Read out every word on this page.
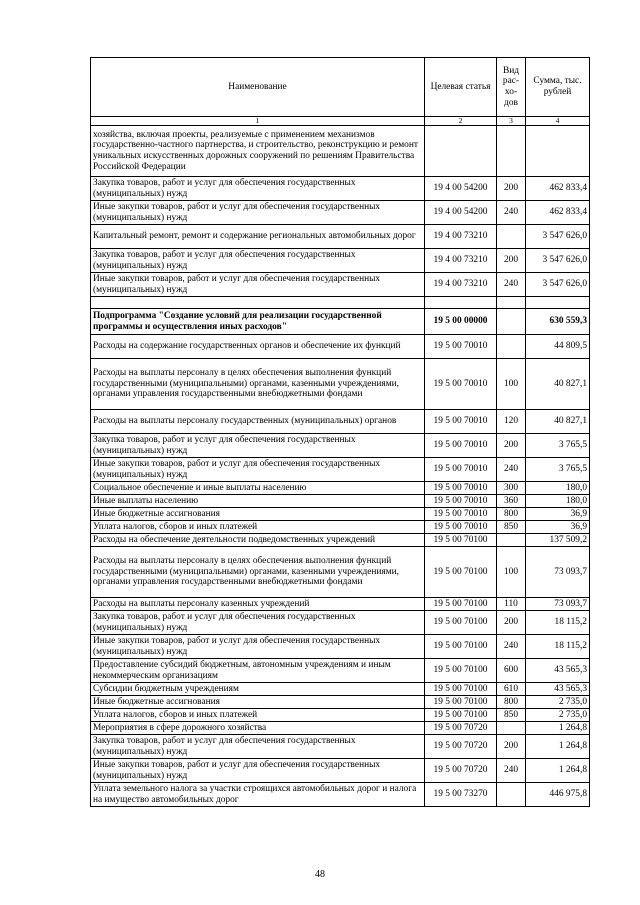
Наименование	Целевая статья	Вид рас-хо-дов	Сумма, тыс. рублей
1	2	3	4
хозяйства, включая проекты, реализуемые с применением механизмов государственно-частного партнерства, и строительство, реконструкцию и ремонт уникальных искусственных дорожных сооружений по решениям Правительства Российской Федерации			
Закупка товаров, работ и услуг для обеспечения государственных (муниципальных) нужд	19 4 00 54200	200	462 833,4
Иные закупки товаров, работ и услуг для обеспечения государственных (муниципальных) нужд	19 4 00 54200	240	462 833,4
Капитальный ремонт, ремонт и содержание региональных автомобильных дорог	19 4 00 73210		3 547 626,0
Закупка товаров, работ и услуг для обеспечения государственных (муниципальных) нужд	19 4 00 73210	200	3 547 626,0
Иные закупки товаров, работ и услуг для обеспечения государственных (муниципальных) нужд	19 4 00 73210	240	3 547 626,0

Подпрограмма "Создание условий для реализации государственной программы и осуществления иных расходов"	19 5 00 00000		630 559,3
Расходы на содержание государственных органов и обеспечение их функций	19 5 00 70010		44 809,5
Расходы на выплаты персоналу в целях обеспечения выполнения функций государственными (муниципальными) органами, казенными учреждениями, органами управления государственными внебюджетными фондами	19 5 00 70010	100	40 827,1
Расходы на выплаты персоналу государственных (муниципальных) органов	19 5 00 70010	120	40 827,1
Закупка товаров, работ и услуг для обеспечения государственных (муниципальных) нужд	19 5 00 70010	200	3 765,5
Иные закупки товаров, работ и услуг для обеспечения государственных (муниципальных) нужд	19 5 00 70010	240	3 765,5
Социальное обеспечение и иные выплаты населению	19 5 00 70010	300	180,0
Иные выплаты населению	19 5 00 70010	360	180,0
Иные бюджетные ассигнования	19 5 00 70010	800	36,9
Уплата налогов, сборов и иных платежей	19 5 00 70010	850	36,9
Расходы на обеспечение деятельности подведомственных учреждений	19 5 00 70100		137 509,2
Расходы на выплаты персоналу в целях обеспечения выполнения функций государственными (муниципальными) органами, казенными учреждениями, органами управления государственными внебюджетными фондами	19 5 00 70100	100	73 093,7
Расходы на выплаты персоналу казенных учреждений	19 5 00 70100	110	73 093,7
Закупка товаров, работ и услуг для обеспечения государственных (муниципальных) нужд	19 5 00 70100	200	18 115,2
Иные закупки товаров, работ и услуг для обеспечения государственных (муниципальных) нужд	19 5 00 70100	240	18 115,2
Предоставление субсидий бюджетным, автономным учреждениям и иным некоммерческим организациям	19 5 00 70100	600	43 565,3
Субсидии бюджетным учреждениям	19 5 00 70100	610	43 565,3
Иные бюджетные ассигнования	19 5 00 70100	800	2 735,0
Уплата налогов, сборов и иных платежей	19 5 00 70100	850	2 735,0
Мероприятия в сфере дорожного хозяйства	19 5 00 70720		1 264,8
Закупка товаров, работ и услуг для обеспечения государственных (муниципальных) нужд	19 5 00 70720	200	1 264,8
Иные закупки товаров, работ и услуг для обеспечения государственных (муниципальных) нужд	19 5 00 70720	240	1 264,8
Уплата земельного налога за участки строящихся автомобильных дорог и налога на имущество автомобильных дорог	19 5 00 73270		446 975,8
48
